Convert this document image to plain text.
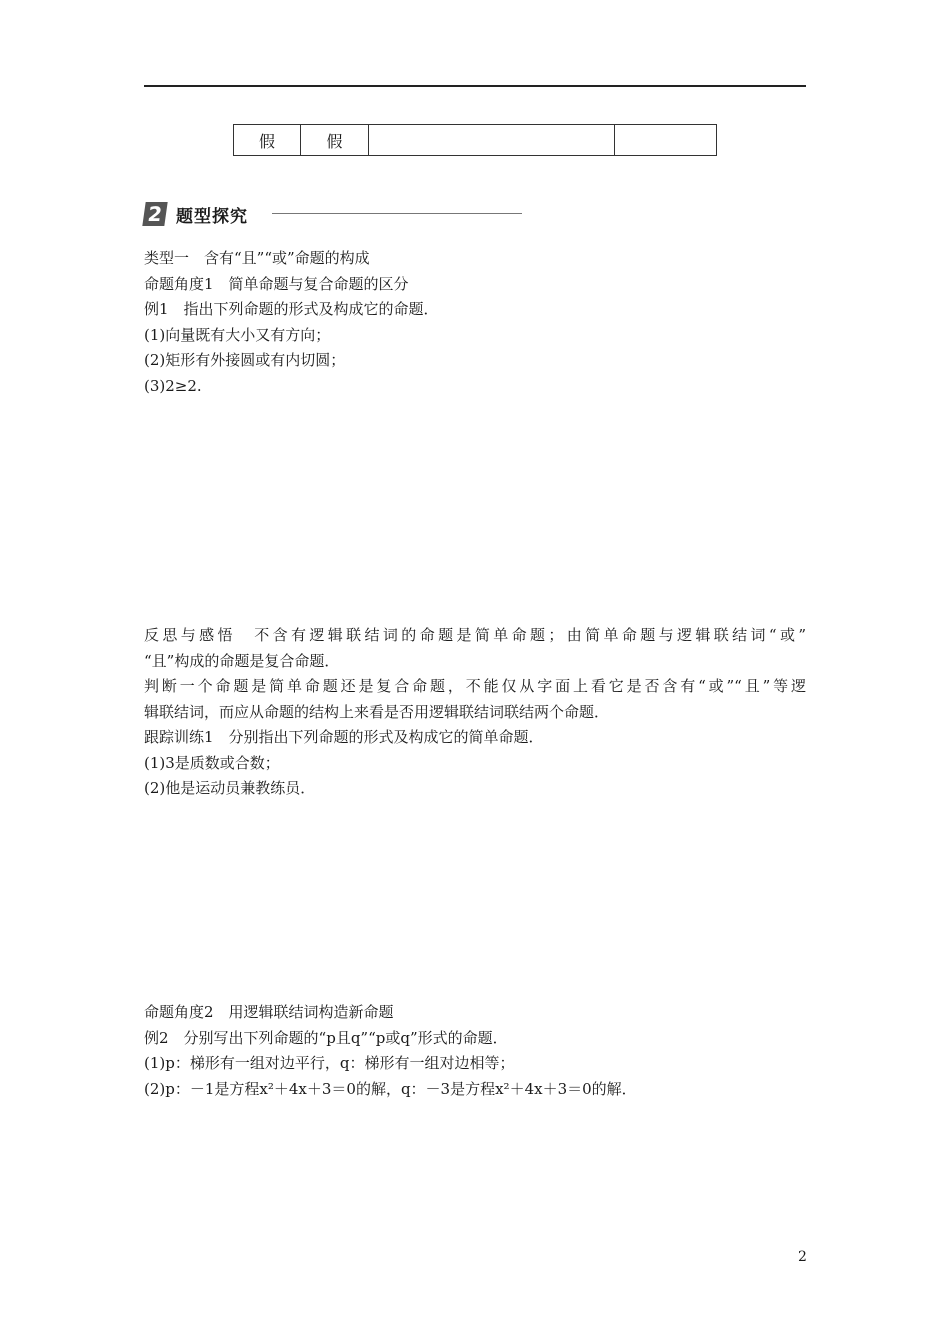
假	假		
2 题型探究
类型一　含有“且”“或”命题的构成
命题角度1　简单命题与复合命题的区分
例1　指出下列命题的形式及构成它的命题．
(1)向量既有大小又有方向；
(2)矩形有外接圆或有内切圆；
(3)2≥2.
反思与感悟　不含有逻辑联结词的命题是简单命题；由简单命题与逻辑联结词“或”
“且”构成的命题是复合命题．
判断一个命题是简单命题还是复合命题，不能仅从字面上看它是否含有“或”“且”等逻
辑联结词，而应从命题的结构上来看是否用逻辑联结词联结两个命题．
跟踪训练1　分别指出下列命题的形式及构成它的简单命题．
(1)3是质数或合数；
(2)他是运动员兼教练员．
命题角度2　用逻辑联结词构造新命题
例2　分别写出下列命题的“p且q”“p或q”形式的命题．
(1)p：梯形有一组对边平行，q：梯形有一组对边相等；
(2)p：－1是方程x²＋4x＋3＝0的解，q：－3是方程x²＋4x＋3＝0的解．
2
